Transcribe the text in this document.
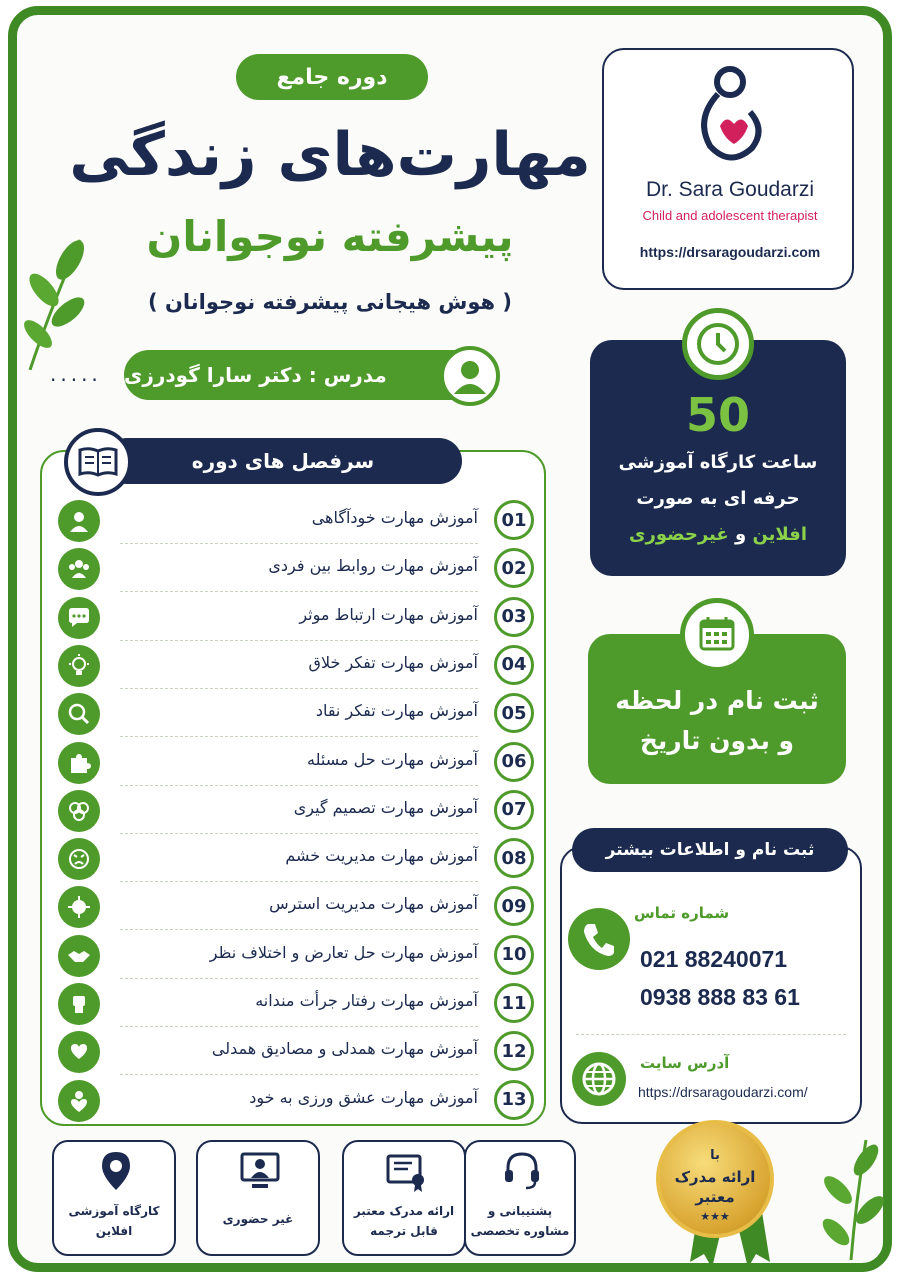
دوره جامع
مهارت‌های زندگی
پیشرفته نوجوانان
( هوش هیجانی پیشرفته نوجوانان )
Dr. Sara Goudarzi
Child and adolescent therapist
https://drsaragoudarzi.com
..... مدرس : دکتر سارا گودرزی
سرفصل های دوره
01
آموزش مهارت خودآگاهی
02
آموزش مهارت روابط بین فردی
03
آموزش مهارت ارتباط موثر
04
آموزش مهارت تفکر خلاق
05
آموزش مهارت تفکر نقاد
06
آموزش مهارت حل مسئله
07
آموزش مهارت تصمیم گیری
08
آموزش مهارت مدیریت خشم
09
آموزش مهارت مدیریت استرس
10
آموزش مهارت حل تعارض و اختلاف نظر
11
آموزش مهارت رفتار جرأت مندانه
12
آموزش مهارت همدلی و مصادیق همدلی
13
آموزش مهارت عشق ورزی به خود
50
ساعت کارگاه آموزشی
حرفه ای به صورت
افلاین و غیرحضوری
ثبت نام در لحظه
و بدون تاریخ
ثبت نام و اطلاعات بیشتر
شماره تماس
021 88240071
0938 888 83 61
آدرس سایت
https://drsaragoudarzi.com/
کارگاه آموزشی
افلاین
غیر حضوری
ارائه مدرک معتبر
قابل ترجمه
پشتیبانی و
مشاوره تخصصی
با
ارائه مدرک
معتبر
★★★
